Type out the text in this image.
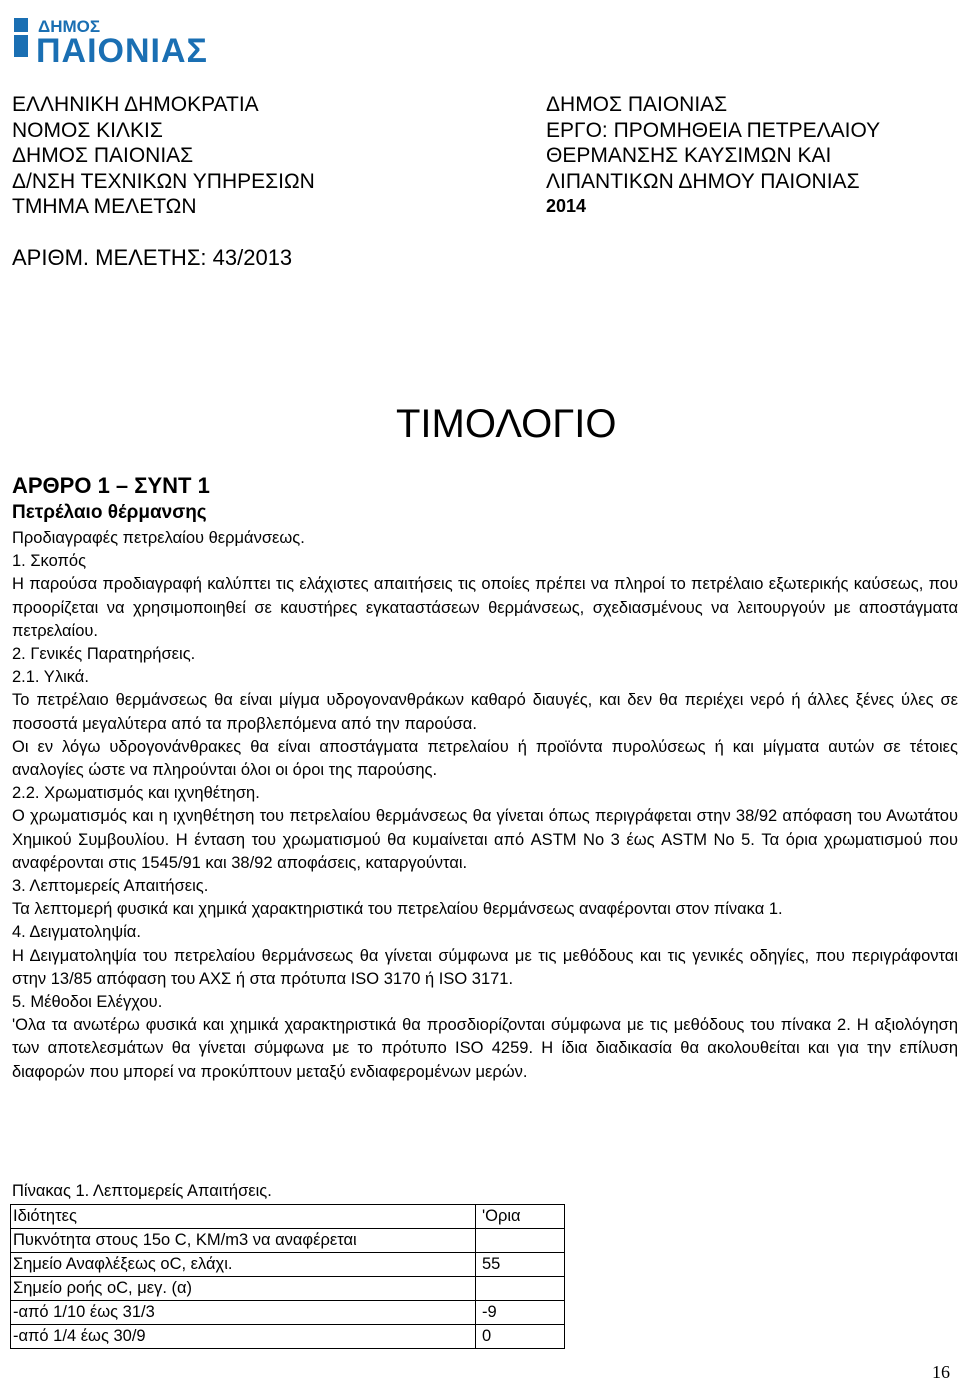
ΔΗΜΟΣ
ΠΑΙΟΝΙΑΣ
ΕΛΛΗΝΙΚΗ ΔΗΜΟΚΡΑΤΙΑ
ΝΟΜΟΣ ΚΙΛΚΙΣ
ΔΗΜΟΣ ΠΑΙΟΝΙΑΣ
Δ/ΝΣΗ ΤΕΧΝΙΚΩΝ ΥΠΗΡΕΣΙΩΝ
ΤΜΗΜΑ ΜΕΛΕΤΩΝ
ΔΗΜΟΣ ΠΑΙΟΝΙΑΣ
ΕΡΓΟ: ΠΡΟΜΗΘΕΙΑ ΠΕΤΡΕΛΑΙΟΥ
ΘΕΡΜΑΝΣΗΣ ΚΑΥΣΙΜΩΝ ΚΑΙ
ΛΙΠΑΝΤΙΚΩΝ ΔΗΜΟΥ ΠΑΙΟΝΙΑΣ
2014
ΑΡΙΘΜ. ΜΕΛΕΤΗΣ: 43/2013
ΤΙΜΟΛΟΓΙΟ
ΑΡΘΡΟ 1 – ΣΥΝΤ 1
Πετρέλαιο θέρμανσης

Προδιαγραφές πετρελαίου θερμάνσεως.

1. Σκοπός

Η παρούσα προδιαγραφή καλύπτει τις ελάχιστες απαιτήσεις τις οποίες πρέπει να πληροί το πετρέλαιο εξωτερικής καύσεως, που προορίζεται να χρησιμοποιηθεί σε καυστήρες εγκαταστάσεων θερμάνσεως, σχεδιασμένους να λειτουργούν με αποστάγματα πετρελαίου.

2. Γενικές Παρατηρήσεις.

2.1. Υλικά.

Το πετρέλαιο θερμάνσεως θα είναι μίγμα υδρογονανθράκων καθαρό διαυγές, και δεν θα περιέχει νερό ή άλλες ξένες ύλες σε ποσοστά μεγαλύτερα από τα προβλεπόμενα από την παρούσα.

Οι εν λόγω υδρογονάνθρακες θα είναι αποστάγματα πετρελαίου ή προϊόντα πυρολύσεως ή και μίγματα αυτών σε τέτοιες αναλογίες ώστε να πληρούνται όλοι οι όροι της παρούσης.

2.2. Χρωματισμός και ιχνηθέτηση.

Ο χρωματισμός και η ιχνηθέτηση του πετρελαίου θερμάνσεως θα γίνεται όπως περιγράφεται στην 38/92 απόφαση του Ανωτάτου Χημικού Συμβουλίου. Η ένταση του χρωματισμού θα κυμαίνεται από ASTM No 3 έως ASTM No 5. Τα όρια χρωματισμού που αναφέρονται στις 1545/91 και 38/92 αποφάσεις, καταργούνται.

3. Λεπτομερείς Απαιτήσεις.

Τα λεπτομερή φυσικά και χημικά χαρακτηριστικά του πετρελαίου θερμάνσεως αναφέρονται στον πίνακα 1.

4. Δειγματοληψία.

Η Δειγματοληψία του πετρελαίου θερμάνσεως θα γίνεται σύμφωνα με τις μεθόδους και τις γενικές οδηγίες, που περιγράφονται στην 13/85 απόφαση του ΑΧΣ ή στα πρότυπα ISO 3170 ή ISO 3171.

5. Μέθοδοι Ελέγχου.

'Ολα τα ανωτέρω φυσικά και χημικά χαρακτηριστικά θα προσδιορίζονται σύμφωνα με τις μεθόδους του πίνακα 2. Η αξιολόγηση των αποτελεσμάτων θα γίνεται σύμφωνα με το πρότυπο ISO 4259. Η ίδια διαδικασία θα ακολουθείται και για την επίλυση διαφορών που μπορεί να προκύπτουν μεταξύ ενδιαφερομένων μερών.

Πίνακας 1. Λεπτομερείς Απαιτήσεις.
Ιδιότητες	'Ορια
Πυκνότητα στους 15ο C, KM/m3 να αναφέρεται	
Σημείο Αναφλέξεως οC, ελάχι.	55
Σημείο ροής οC, μεγ. (α)	
-από 1/10 έως 31/3	-9
-από 1/4 έως 30/9	0
16
